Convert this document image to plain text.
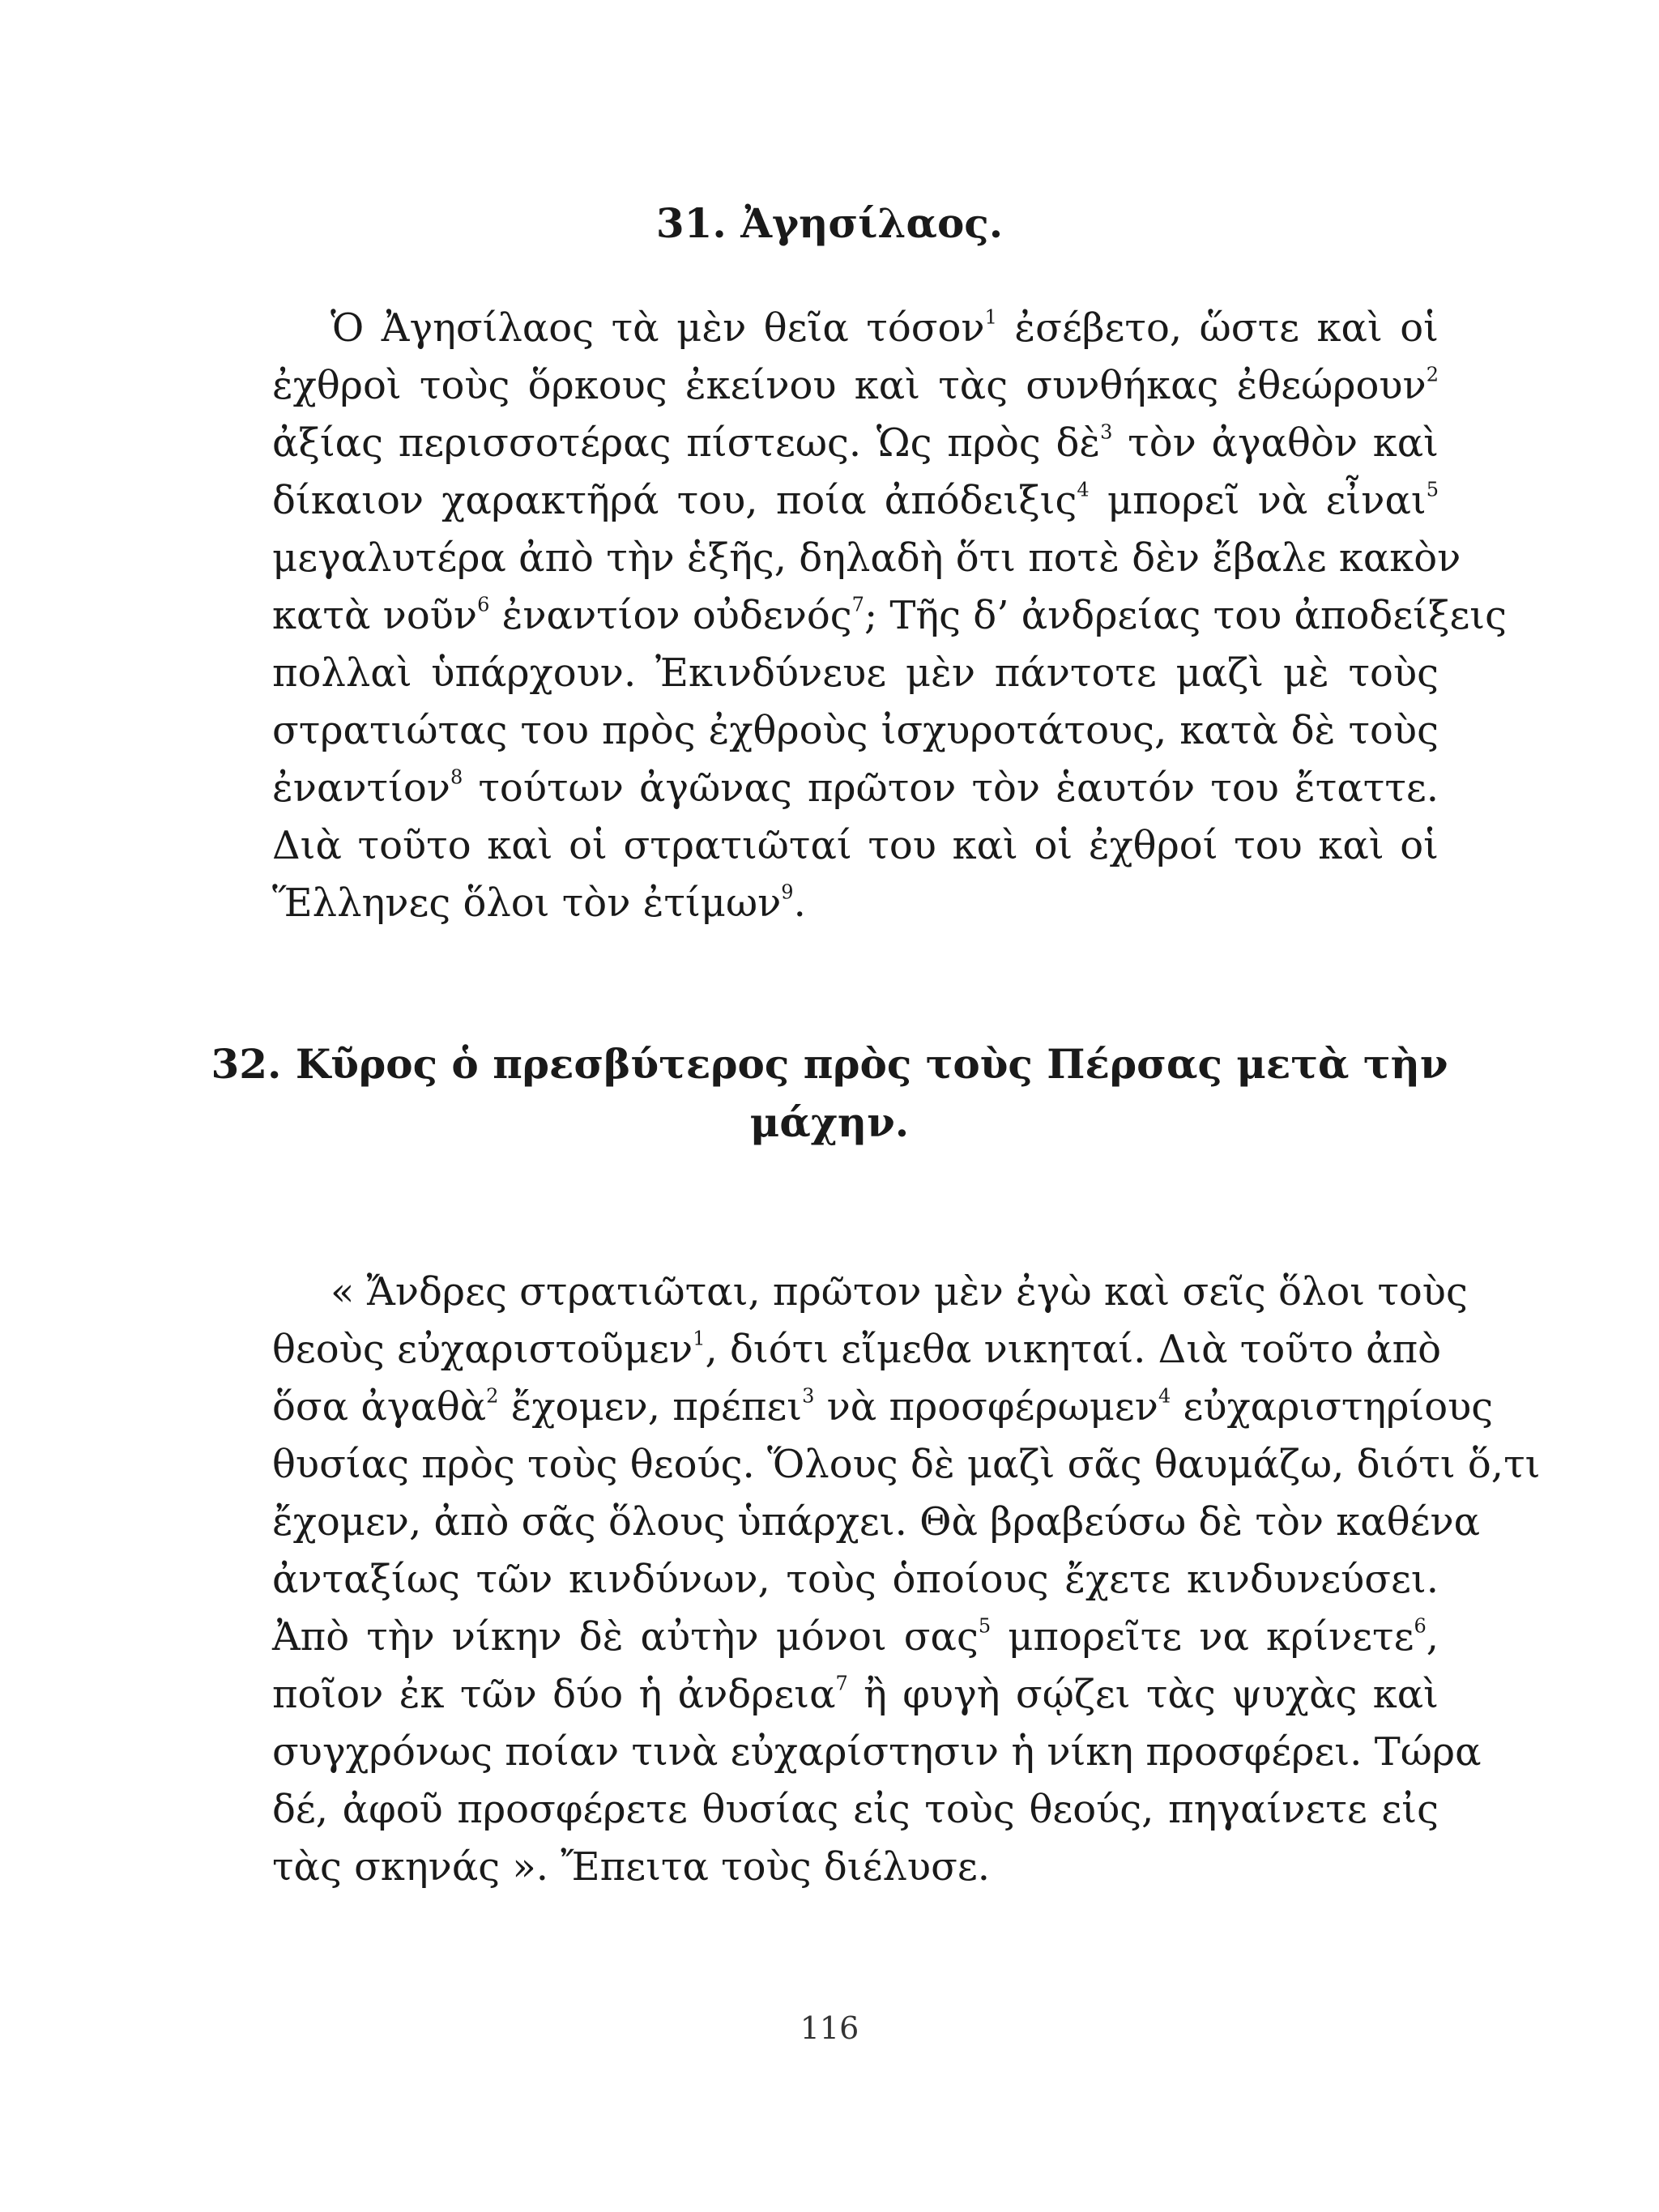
31. Ἀγησίλαος.
Ὁ Ἀγησίλαος τὰ μὲν θεῖα τόσον$^1$ ἐσέβετο, ὥστε καὶ οἱ
ἐχθροὶ τοὺς ὅρκους ἐκείνου καὶ τὰς συνθήκας ἐθεώρουν$^2$
ἀξίας περισσοτέρας πίστεως. Ὡς πρὸς δὲ$^3$ τὸν ἀγαθὸν καὶ
δίκαιον χαρακτῆρά του, ποία ἀπόδειξις$^4$ μπορεῖ νὰ εἶναι$^5$
μεγαλυτέρα ἀπὸ τὴν ἑξῆς, δηλαδὴ ὅτι ποτὲ δὲν ἔβαλε κακὸν
κατὰ νοῦν$^6$ ἐναντίον οὐδενός$^7$; Τῆς δ’ ἀνδρείας του ἀποδείξεις
πολλαὶ ὑπάρχουν. Ἐκινδύνευε μὲν πάντοτε μαζὶ μὲ τοὺς
στρατιώτας του πρὸς ἐχθροὺς ἰσχυροτάτους, κατὰ δὲ τοὺς
ἐναντίον$^8$ τούτων ἀγῶνας πρῶτον τὸν ἑαυτόν του ἔταττε.
Διὰ τοῦτο καὶ οἱ στρατιῶταί του καὶ οἱ ἐχθροί του καὶ οἱ
Ἕλληνες ὅλοι τὸν ἐτίμων$^9$.
32. Κῦρος ὁ πρεσβύτερος πρὸς τοὺς Πέρσας μετὰ τὴν
μάχην.
« Ἄνδρες στρατιῶται, πρῶτον μὲν ἐγὼ καὶ σεῖς ὅλοι τοὺς
θεοὺς εὐχαριστοῦμεν$^1$, διότι εἴμεθα νικηταί. Διὰ τοῦτο ἀπὸ
ὅσα ἀγαθὰ$^2$ ἔχομεν, πρέπει$^3$ νὰ προσφέρωμεν$^4$ εὐχαριστηρίους
θυσίας πρὸς τοὺς θεούς. Ὅλους δὲ μαζὶ σᾶς θαυμάζω, διότι ὅ,τι
ἔχομεν, ἀπὸ σᾶς ὅλους ὑπάρχει. Θὰ βραβεύσω δὲ τὸν καθένα
ἀνταξίως τῶν κινδύνων, τοὺς ὁποίους ἔχετε κινδυνεύσει.
Ἀπὸ τὴν νίκην δὲ αὐτὴν μόνοι σας$^5$ μπορεῖτε να κρίνετε$^6$,
ποῖον ἐκ τῶν δύο ἡ ἀνδρεια$^7$ ἢ φυγὴ σῴζει τὰς ψυχὰς καὶ
συγχρόνως ποίαν τινὰ εὐχαρίστησιν ἡ νίκη προσφέρει. Τώρα
δέ, ἀφοῦ προσφέρετε θυσίας εἰς τοὺς θεούς, πηγαίνετε εἰς
τὰς σκηνάς ». Ἔπειτα τοὺς διέλυσε.
116
